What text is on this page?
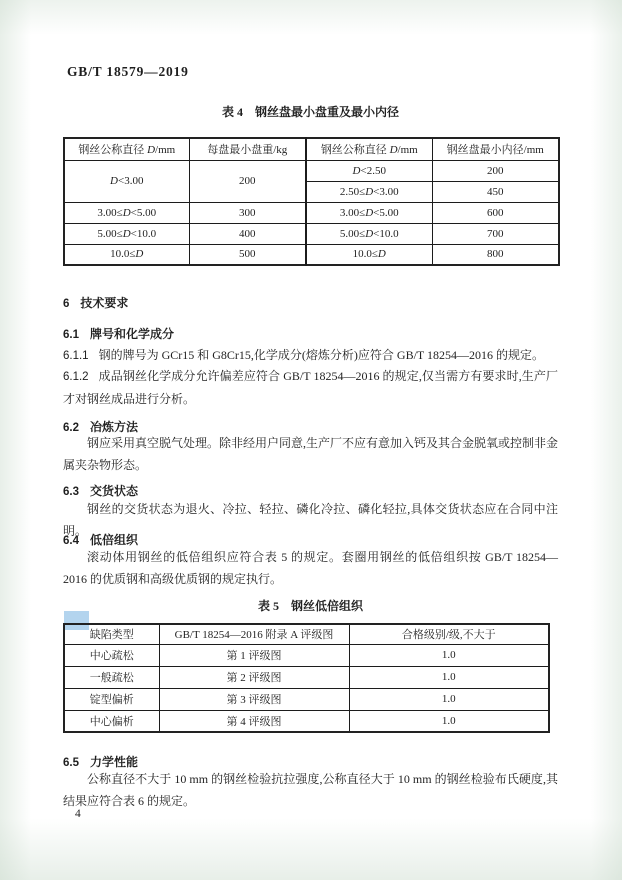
GB/T 18579—2019
表 4 钢丝盘最小盘重及最小内径
钢丝公称直径 D/mm	每盘最小盘重/kg	钢丝公称直径 D/mm	钢丝盘最小内径/mm
D<3.00	200	D<2.50	200
		2.50≤D<3.00	450
3.00≤D<5.00	300	3.00≤D<5.00	600
5.00≤D<10.0	400	5.00≤D<10.0	700
10.0≤D	500	10.0≤D	800
6 技术要求
6.1 牌号和化学成分

6.1.1 钢的牌号为 GCr15 和 G8Cr15,化学成分(熔炼分析)应符合 GB/T 18254—2016 的规定。

6.1.2 成品钢丝化学成分允许偏差应符合 GB/T 18254—2016 的规定,仅当需方有要求时,生产厂才对钢丝成品进行分析。

6.2 冶炼方法

钢应采用真空脱气处理。除非经用户同意,生产厂不应有意加入钙及其合金脱氧或控制非金属夹杂物形态。

6.3 交货状态

钢丝的交货状态为退火、冷拉、轻拉、磷化冷拉、磷化轻拉,具体交货状态应在合同中注明。

6.4 低倍组织

滚动体用钢丝的低倍组织应符合表 5 的规定。套圈用钢丝的低倍组织按 GB/T 18254—2016 的优质钢和高级优质钢的规定执行。

表 5 钢丝低倍组织
缺陷类型	GB/T 18254—2016 附录 A 评级图	合格级别/级,不大于
中心疏松	第 1 评级图	1.0
一般疏松	第 2 评级图	1.0
锭型偏析	第 3 评级图	1.0
中心偏析	第 4 评级图	1.0
6.5 力学性能

公称直径不大于 10 mm 的钢丝检验抗拉强度,公称直径大于 10 mm 的钢丝检验布氏硬度,其结果应符合表 6 的规定。

4
